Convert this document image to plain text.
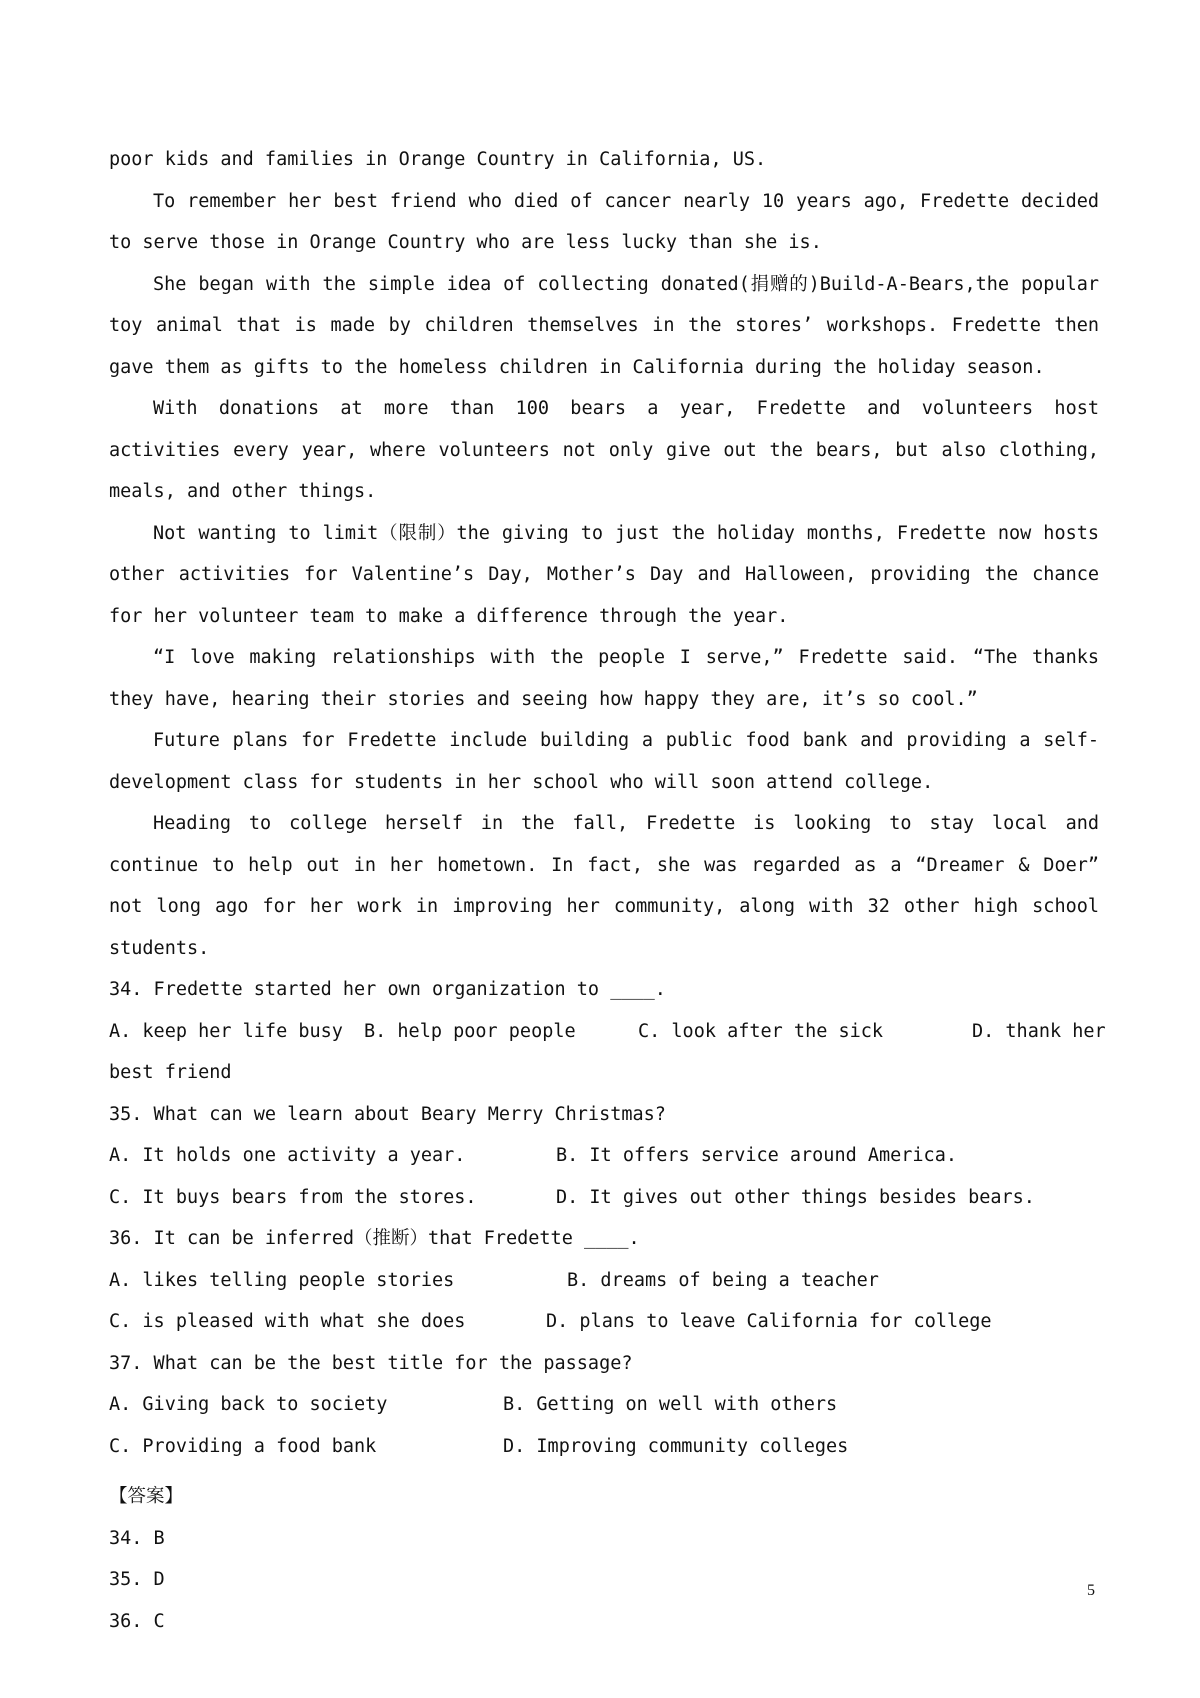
poor kids and families in Orange Country in California, US.

To remember her best friend who died of cancer nearly 10 years ago, Fredette decided to serve those in Orange Country who are less lucky than she is.

She began with the simple idea of collecting donated(捐赠的)Build-A-Bears,the popular toy animal that is made by children themselves in the stores’ workshops. Fredette then gave them as gifts to the homeless children in California during the holiday season.

With donations at more than 100 bears a year, Fredette and volunteers host activities every year, where volunteers not only give out the bears, but also clothing, meals, and other things.

Not wanting to limit（限制）the giving to just the holiday months, Fredette now hosts other activities for Valentine’s Day, Mother’s Day and Halloween, providing the chance for her volunteer team to make a difference through the year.

“I love making relationships with the people I serve,” Fredette said. “The thanks they have, hearing their stories and seeing how happy they are, it’s so cool.”

Future plans for Fredette include building a public food bank and providing a self-development class for students in her school who will soon attend college.

Heading to college herself in the fall, Fredette is looking to stay local and continue to help out in her hometown. In fact, she was regarded as a “Dreamer & Doer” not long ago for her work in improving her community, along with 32 other high school students.

34. Fredette started her own organization to ____.

A. keep her life busy B. help poor people	C. look after the sick	D. thank her

best friend

35. What can we learn about Beary Merry Christmas?

A. It holds one activity a year.	B. It offers service around America.
C. It buys bears from the stores.	D. It gives out other things besides bears.

36. It can be inferred（推断）that Fredette ____.

A. likes telling people stories	B. dreams of being a teacher
C. is pleased with what she does	D. plans to leave California for college

37. What can be the best title for the passage?

A. Giving back to society	B. Getting on well with others
C. Providing a food bank	D. Improving community colleges

【答案】

34. B

35. D

36. C

5
